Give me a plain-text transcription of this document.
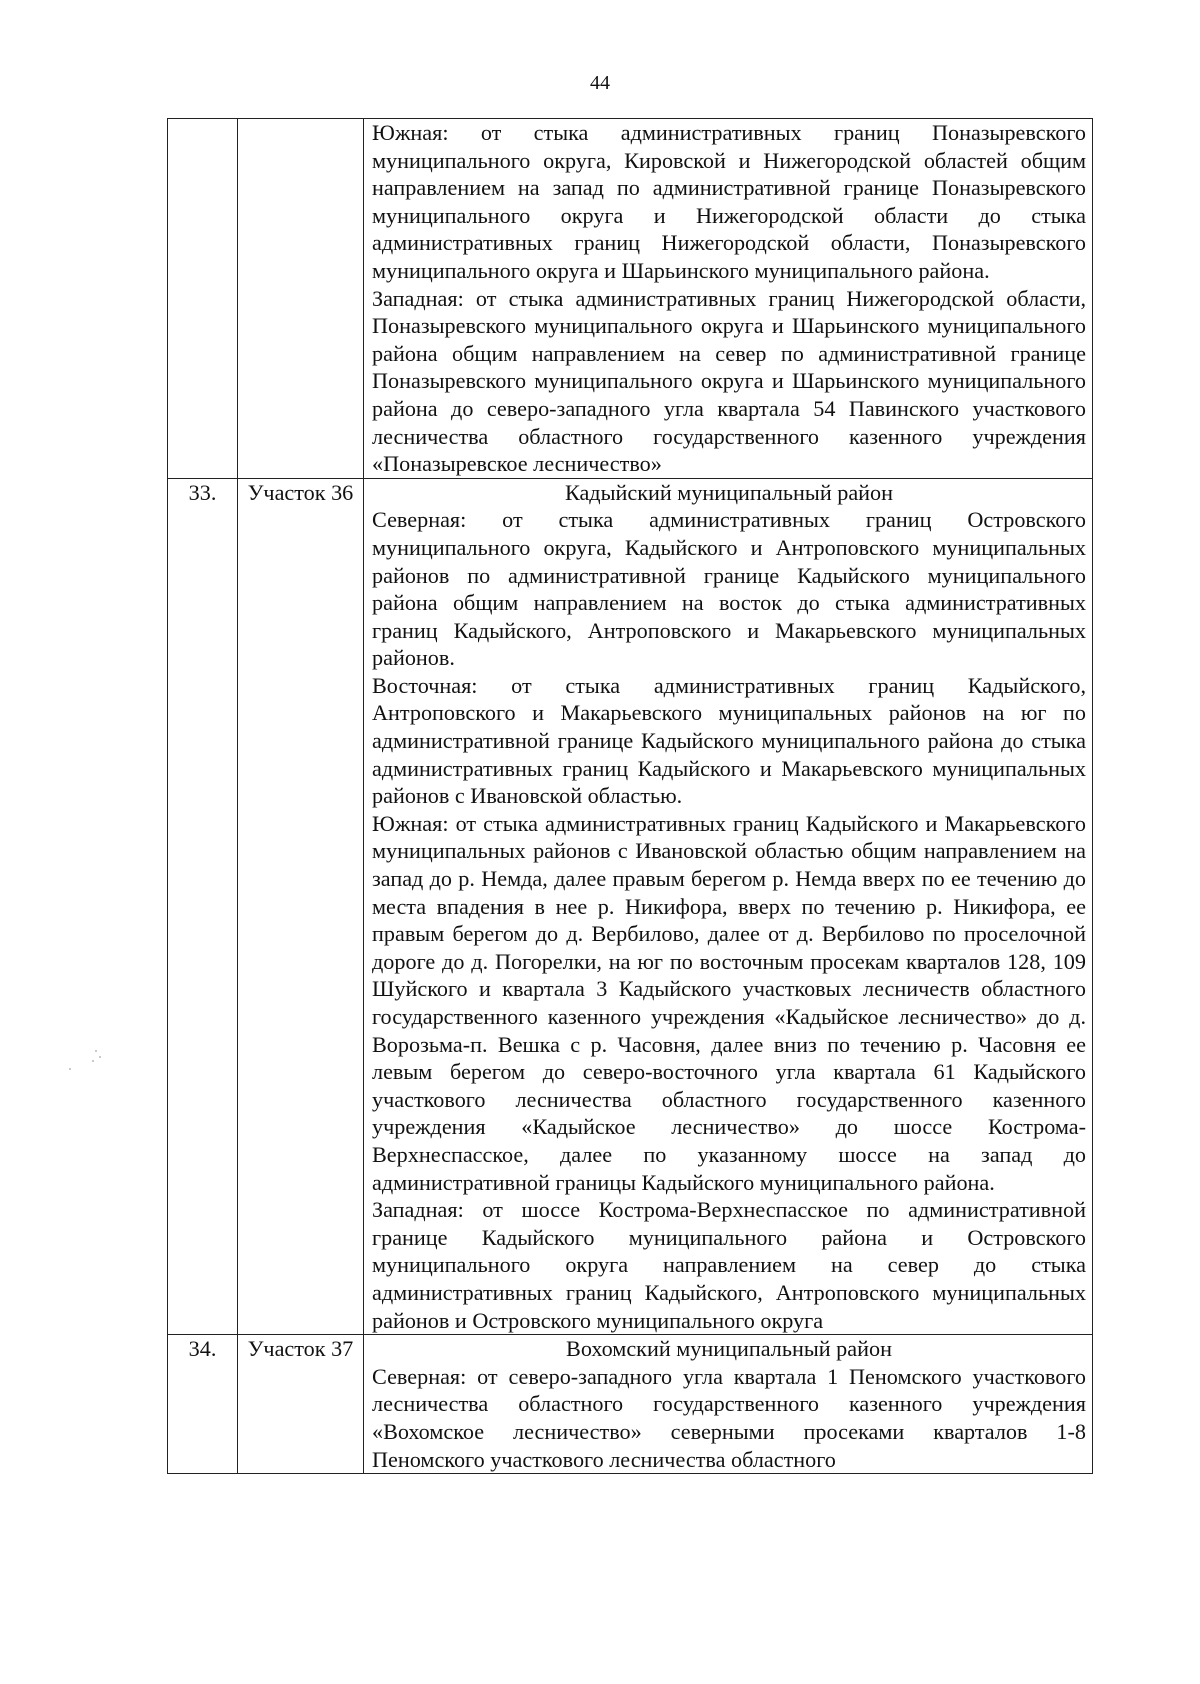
44

		Южная: от стыка административных границ Поназыревского муниципального округа, Кировской и Нижегородской областей общим направлением на запад по административной границе Поназыревского муниципального округа и Нижегородской области до стыка административных границ Нижегородской области, Поназыревского муниципального округа и Шарьинского муниципального района.

Западная: от стыка административных границ Нижегородской области, Поназыревского муниципального округа и Шарьинского муниципального района общим направлением на север по административной границе Поназыревского муниципального округа и Шарьинского муниципального района до северо-западного угла квартала 54 Павинского участкового лесничества областного государственного казенного учреждения «Поназыревское лесничество»

33.	Участок 36	Кадыйский муниципальный район

Северная: от стыка административных границ Островского муниципального округа, Кадыйского и Антроповского муниципальных районов по административной границе Кадыйского муниципального района общим направлением на восток до стыка административных границ Кадыйского, Антроповского и Макарьевского муниципальных районов.

Восточная: от стыка административных границ Кадыйского, Антроповского и Макарьевского муниципальных районов на юг по административной границе Кадыйского муниципального района до стыка административных границ Кадыйского и Макарьевского муниципальных районов с Ивановской областью.

Южная: от стыка административных границ Кадыйского и Макарьевского муниципальных районов с Ивановской областью общим направлением на запад до р. Немда, далее правым берегом р. Немда вверх по ее течению до места впадения в нее р. Никифора, вверх по течению р. Никифора, ее правым берегом до д. Вербилово, далее от д. Вербилово по проселочной дороге до д. Погорелки, на юг по восточным просекам кварталов 128, 109 Шуйского и квартала 3 Кадыйского участковых лесничеств областного государственного казенного учреждения «Кадыйское лесничество» до д. Ворозьма-п. Вешка с р. Часовня, далее вниз по течению р. Часовня ее левым берегом до северо-восточного угла квартала 61 Кадыйского участкового лесничества областного государственного казенного учреждения «Кадыйское лесничество» до шоссе Кострома-Верхнеспасское, далее по указанному шоссе на запад до административной границы Кадыйского муниципального района.

Западная: от шоссе Кострома-Верхнеспасское по административной границе Кадыйского муниципального района и Островского муниципального округа направлением на север до стыка административных границ Кадыйского, Антроповского муниципальных районов и Островского муниципального округа

34.	Участок 37	Вохомский муниципальный район

Северная: от северо-западного угла квартала 1 Пеномского участкового лесничества областного государственного казенного учреждения «Вохомское лесничество» северными просеками кварталов 1-8 Пеномского участкового лесничества областного
